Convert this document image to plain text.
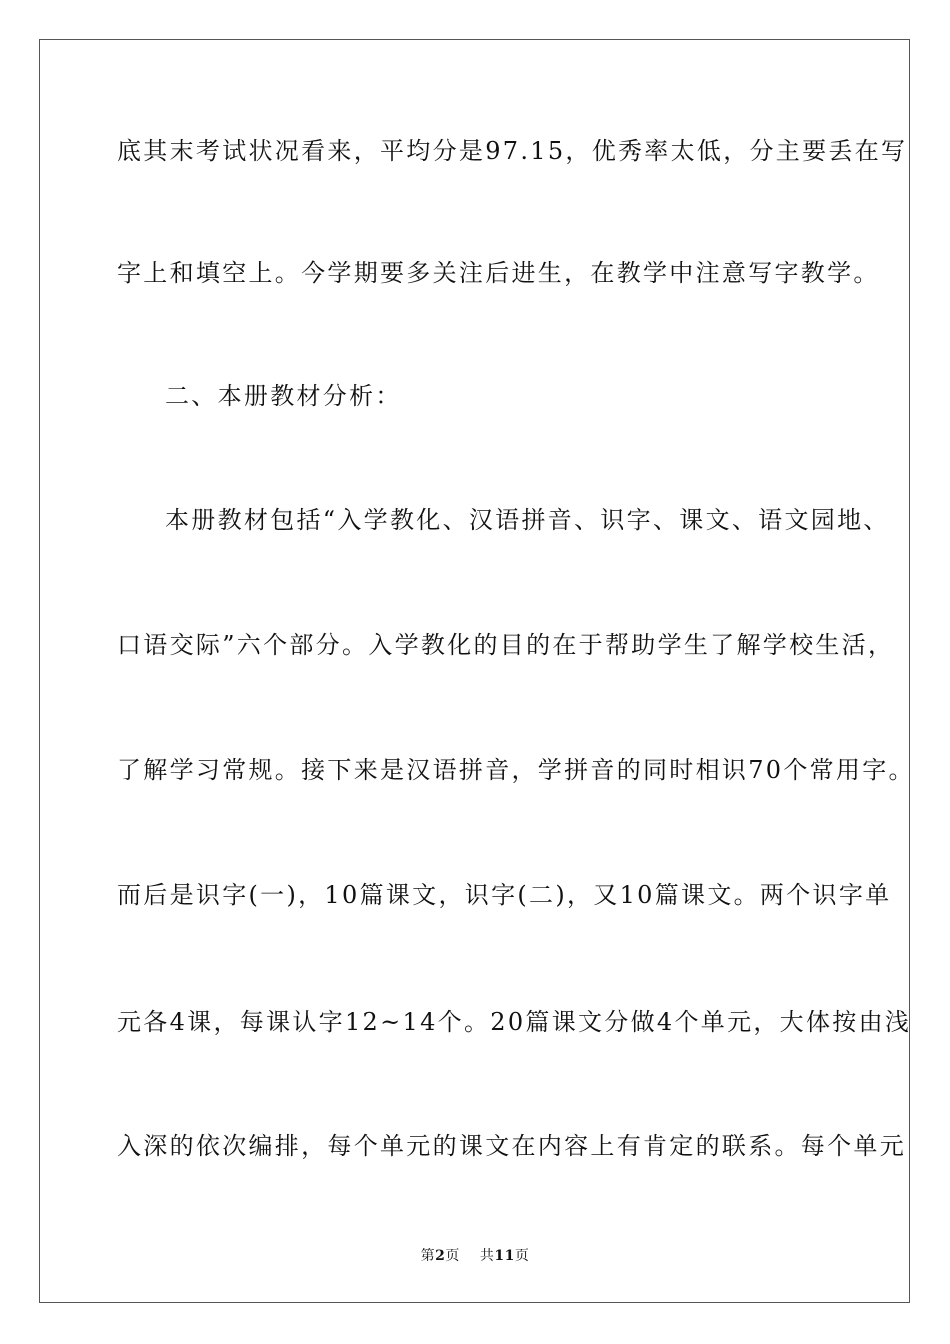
底其末考试状况看来，平均分是97.15，优秀率太低，分主要丢在写
字上和填空上。今学期要多关注后进生，在教学中注意写字教学。
二、本册教材分析：
本册教材包括“入学教化、汉语拼音、识字、课文、语文园地、
口语交际”六个部分。入学教化的目的在于帮助学生了解学校生活，
了解学习常规。接下来是汉语拼音，学拼音的同时相识70个常用字。
而后是识字(一)，10篇课文，识字(二)，又10篇课文。两个识字单
元各4课，每课认字12~14个。20篇课文分做4个单元，大体按由浅
入深的依次编排，每个单元的课文在内容上有肯定的联系。每个单元
第2页 共11页
